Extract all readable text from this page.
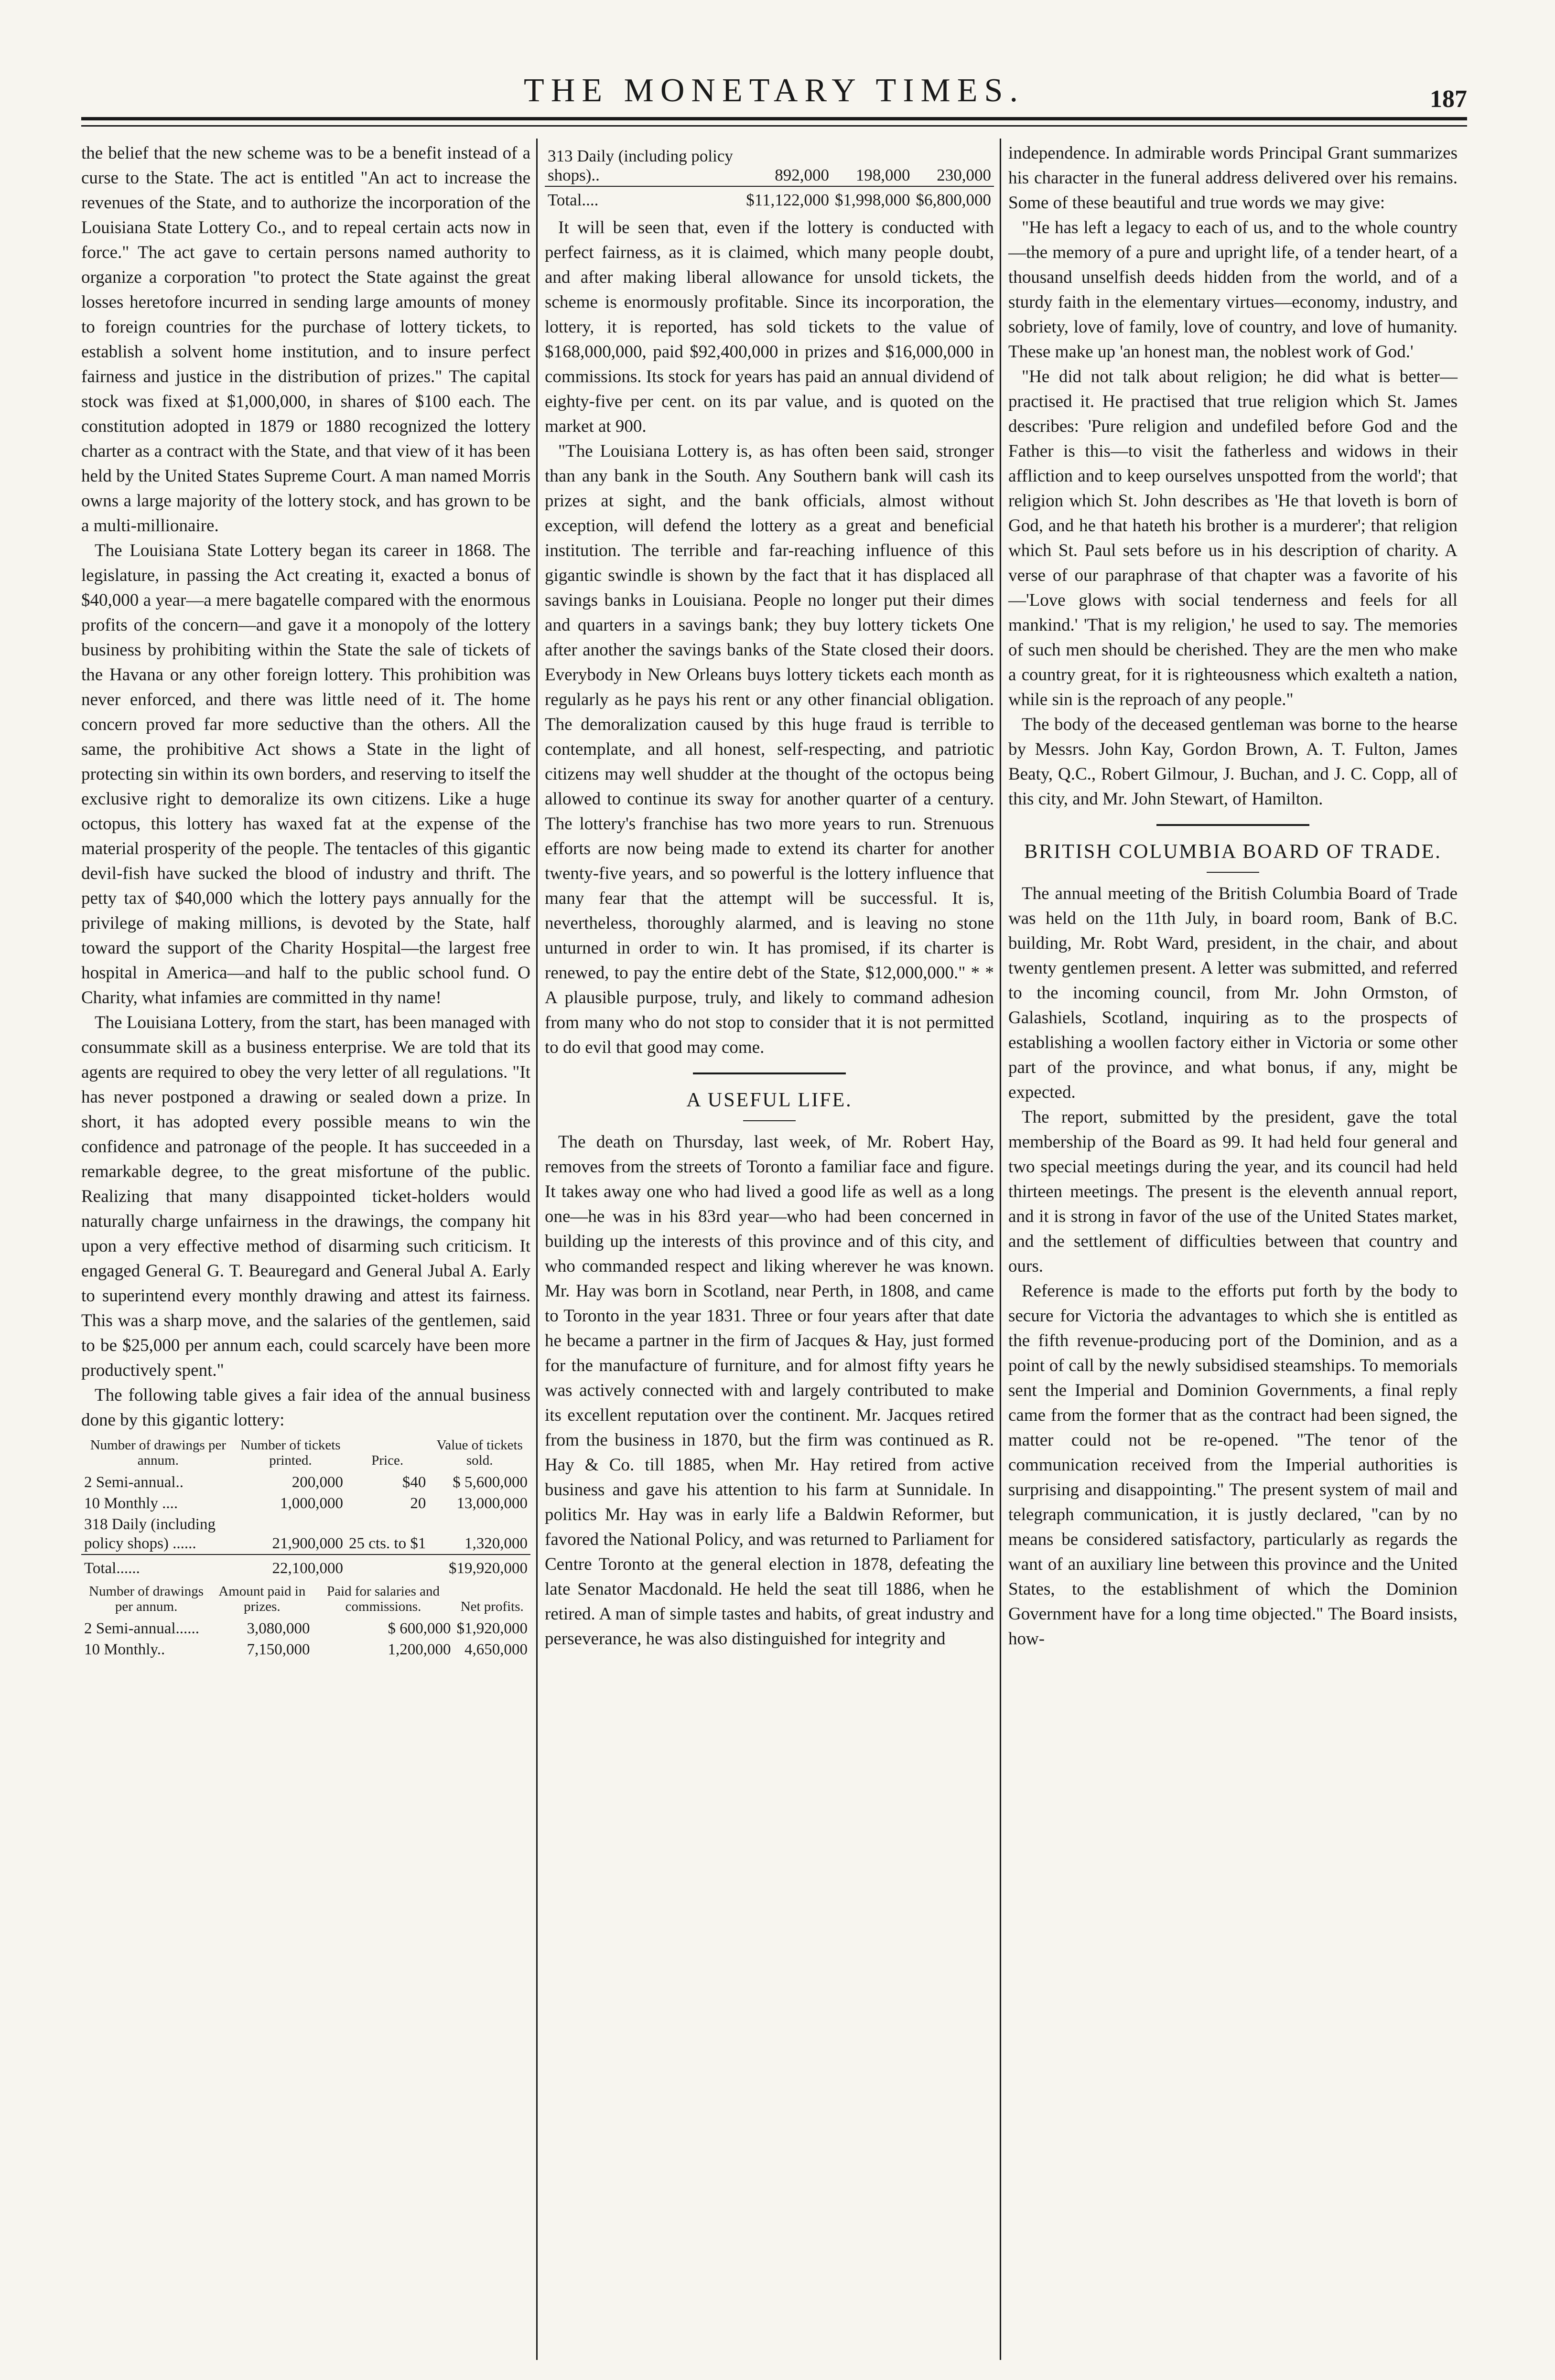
THE MONETARY TIMES.	187

the belief that the new scheme was to be a benefit instead of a curse to the State. The act is entitled "An act to increase the revenues of the State, and to authorize the incorporation of the Louisiana State Lottery Co., and to repeal certain acts now in force." The act gave to certain persons named authority to organize a corporation "to protect the State against the great losses heretofore incurred in sending large amounts of money to foreign countries for the purchase of lottery tickets, to establish a solvent home institution, and to insure perfect fairness and justice in the distribution of prizes." The capital stock was fixed at $1,000,000, in shares of $100 each. The constitution adopted in 1879 or 1880 recognized the lottery charter as a contract with the State, and that view of it has been held by the United States Supreme Court. A man named Morris owns a large majority of the lottery stock, and has grown to be a multi-millionaire.

The Louisiana State Lottery began its career in 1868. The legislature, in passing the Act creating it, exacted a bonus of $40,000 a year—a mere bagatelle compared with the enormous profits of the concern—and gave it a monopoly of the lottery business by prohibiting within the State the sale of tickets of the Havana or any other foreign lottery. This prohibition was never enforced, and there was little need of it. The home concern proved far more seductive than the others. All the same, the prohibitive Act shows a State in the light of protecting sin within its own borders, and reserving to itself the exclusive right to demoralize its own citizens. Like a huge octopus, this lottery has waxed fat at the expense of the material prosperity of the people. The tentacles of this gigantic devil-fish have sucked the blood of industry and thrift. The petty tax of $40,000 which the lottery pays annually for the privilege of making millions, is devoted by the State, half toward the support of the Charity Hospital—the largest free hospital in America—and half to the public school fund. O Charity, what infamies are committed in thy name!

The Louisiana Lottery, from the start, has been managed with consummate skill as a business enterprise. We are told that its agents are required to obey the very letter of all regulations. "It has never postponed a drawing or sealed down a prize. In short, it has adopted every possible means to win the confidence and patronage of the people. It has succeeded in a remarkable degree, to the great misfortune of the public. Realizing that many disappointed ticket-holders would naturally charge unfairness in the drawings, the company hit upon a very effective method of disarming such criticism. It engaged General G. T. Beauregard and General Jubal A. Early to superintend every monthly drawing and attest its fairness. This was a sharp move, and the salaries of the gentlemen, said to be $25,000 per annum each, could scarcely have been more productively spent."

The following table gives a fair idea of the annual business done by this gigantic lottery:

Number of drawings per annum.	Number of tickets printed.	Price.	Value of tickets sold.
2 Semi-annual..	200,000	$40	$ 5,600,000
10 Monthly ....	1,000,000	20	13,000,000
318 Daily (including policy shops) ......	21,900,000	25 cts. to $1	1,320,000
Total......	22,100,000		$19,920,000
Number of drawings per annum.	Amount paid in prizes.	Paid for salaries and commissions.	Net profits.
2 Semi-annual......	3,080,000	$ 600,000	$1,920,000
10 Monthly..	7,150,000	1,200,000	4,650,000
313 Daily (including policy shops)..	892,000	198,000	230,000
Total....	$11,122,000	$1,998,000	$6,800,000

It will be seen that, even if the lottery is conducted with perfect fairness, as it is claimed, which many people doubt, and after making liberal allowance for unsold tickets, the scheme is enormously profitable. Since its incorporation, the lottery, it is reported, has sold tickets to the value of $168,000,000, paid $92,400,000 in prizes and $16,000,000 in commissions. Its stock for years has paid an annual dividend of eighty-five per cent. on its par value, and is quoted on the market at 900.

"The Louisiana Lottery is, as has often been said, stronger than any bank in the South. Any Southern bank will cash its prizes at sight, and the bank officials, almost without exception, will defend the lottery as a great and beneficial institution. The terrible and far-reaching influence of this gigantic swindle is shown by the fact that it has displaced all savings banks in Louisiana. People no longer put their dimes and quarters in a savings bank; they buy lottery tickets One after another the savings banks of the State closed their doors. Everybody in New Orleans buys lottery tickets each month as regularly as he pays his rent or any other financial obligation. The demoralization caused by this huge fraud is terrible to contemplate, and all honest, self-respecting, and patriotic citizens may well shudder at the thought of the octopus being allowed to continue its sway for another quarter of a century. The lottery's franchise has two more years to run. Strenuous efforts are now being made to extend its charter for another twenty-five years, and so powerful is the lottery influence that many fear that the attempt will be successful. It is, nevertheless, thoroughly alarmed, and is leaving no stone unturned in order to win. It has promised, if its charter is renewed, to pay the entire debt of the State, $12,000,000." * * A plausible purpose, truly, and likely to command adhesion from many who do not stop to consider that it is not permitted to do evil that good may come.

A USEFUL LIFE.

The death on Thursday, last week, of Mr. Robert Hay, removes from the streets of Toronto a familiar face and figure. It takes away one who had lived a good life as well as a long one—he was in his 83rd year—who had been concerned in building up the interests of this province and of this city, and who commanded respect and liking wherever he was known. Mr. Hay was born in Scotland, near Perth, in 1808, and came to Toronto in the year 1831. Three or four years after that date he became a partner in the firm of Jacques & Hay, just formed for the manufacture of furniture, and for almost fifty years he was actively connected with and largely contributed to make its excellent reputation over the continent. Mr. Jacques retired from the business in 1870, but the firm was continued as R. Hay & Co. till 1885, when Mr. Hay retired from active business and gave his attention to his farm at Sunnidale. In politics Mr. Hay was in early life a Baldwin Reformer, but favored the National Policy, and was returned to Parliament for Centre Toronto at the general election in 1878, defeating the late Senator Macdonald. He held the seat till 1886, when he retired. A man of simple tastes and habits, of great industry and perseverance, he was also distinguished for integrity and

independence. In admirable words Principal Grant summarizes his character in the funeral address delivered over his remains. Some of these beautiful and true words we may give:

"He has left a legacy to each of us, and to the whole country—the memory of a pure and upright life, of a tender heart, of a thousand unselfish deeds hidden from the world, and of a sturdy faith in the elementary virtues—economy, industry, and sobriety, love of family, love of country, and love of humanity. These make up 'an honest man, the noblest work of God.'

"He did not talk about religion; he did what is better—practised it. He practised that true religion which St. James describes: 'Pure religion and undefiled before God and the Father is this—to visit the fatherless and widows in their affliction and to keep ourselves unspotted from the world'; that religion which St. John describes as 'He that loveth is born of God, and he that hateth his brother is a murderer'; that religion which St. Paul sets before us in his description of charity. A verse of our paraphrase of that chapter was a favorite of his—'Love glows with social tenderness and feels for all mankind.' 'That is my religion,' he used to say. The memories of such men should be cherished. They are the men who make a country great, for it is righteousness which exalteth a nation, while sin is the reproach of any people."

The body of the deceased gentleman was borne to the hearse by Messrs. John Kay, Gordon Brown, A. T. Fulton, James Beaty, Q.C., Robert Gilmour, J. Buchan, and J. C. Copp, all of this city, and Mr. John Stewart, of Hamilton.

BRITISH COLUMBIA BOARD OF TRADE.

The annual meeting of the British Columbia Board of Trade was held on the 11th July, in board room, Bank of B.C. building, Mr. Robt Ward, president, in the chair, and about twenty gentlemen present. A letter was submitted, and referred to the incoming council, from Mr. John Ormston, of Galashiels, Scotland, inquiring as to the prospects of establishing a woollen factory either in Victoria or some other part of the province, and what bonus, if any, might be expected.

The report, submitted by the president, gave the total membership of the Board as 99. It had held four general and two special meetings during the year, and its council had held thirteen meetings. The present is the eleventh annual report, and it is strong in favor of the use of the United States market, and the settlement of difficulties between that country and ours.

Reference is made to the efforts put forth by the body to secure for Victoria the advantages to which she is entitled as the fifth revenue-producing port of the Dominion, and as a point of call by the newly subsidised steamships. To memorials sent the Imperial and Dominion Governments, a final reply came from the former that as the contract had been signed, the matter could not be re-opened. "The tenor of the communication received from the Imperial authorities is surprising and disappointing." The present system of mail and telegraph communication, it is justly declared, "can by no means be considered satisfactory, particularly as regards the want of an auxiliary line between this province and the United States, to the establishment of which the Dominion Government have for a long time objected." The Board insists, how-
